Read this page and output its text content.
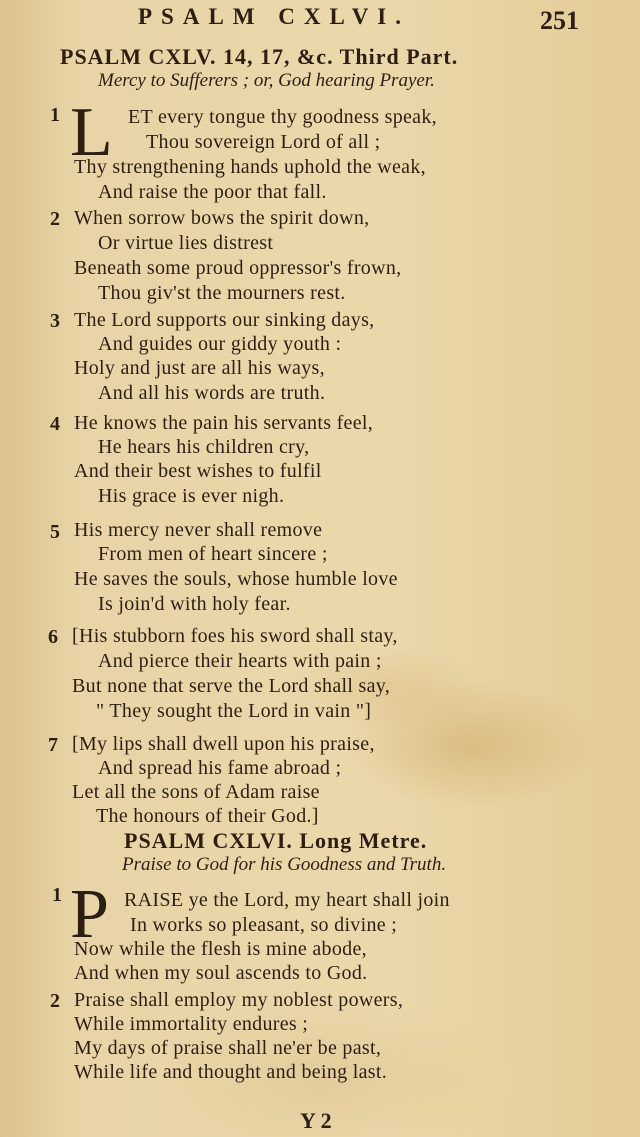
PSALM CXLVI.	251
PSALM CXLV. 14, 17, &c. Third Part.
Mercy to Sufferers ; or, God hearing Prayer.
1 L ET every tongue thy goodness speak,
Thou sovereign Lord of all ;
Thy strengthening hands uphold the weak,
And raise the poor that fall.
2 When sorrow bows the spirit down,
Or virtue lies distrest
Beneath some proud oppressor's frown,
Thou giv'st the mourners rest.
3 The Lord supports our sinking days,
And guides our giddy youth :
Holy and just are all his ways,
And all his words are truth.
4 He knows the pain his servants feel,
He hears his children cry,
And their best wishes to fulfil
His grace is ever nigh.
5 His mercy never shall remove
From men of heart sincere ;
He saves the souls, whose humble love
Is join'd with holy fear.
6 [His stubborn foes his sword shall stay,
And pierce their hearts with pain ;
But none that serve the Lord shall say,
" They sought the Lord in vain "]
7 [My lips shall dwell upon his praise,
And spread his fame abroad ;
Let all the sons of Adam raise
The honours of their God.]
PSALM CXLVI. Long Metre.
Praise to God for his Goodness and Truth.
1 P RAISE ye the Lord, my heart shall join
In works so pleasant, so divine ;
Now while the flesh is mine abode,
And when my soul ascends to God.
2 Praise shall employ my noblest powers,
While immortality endures ;
My days of praise shall ne'er be past,
While life and thought and being last.
Y 2
